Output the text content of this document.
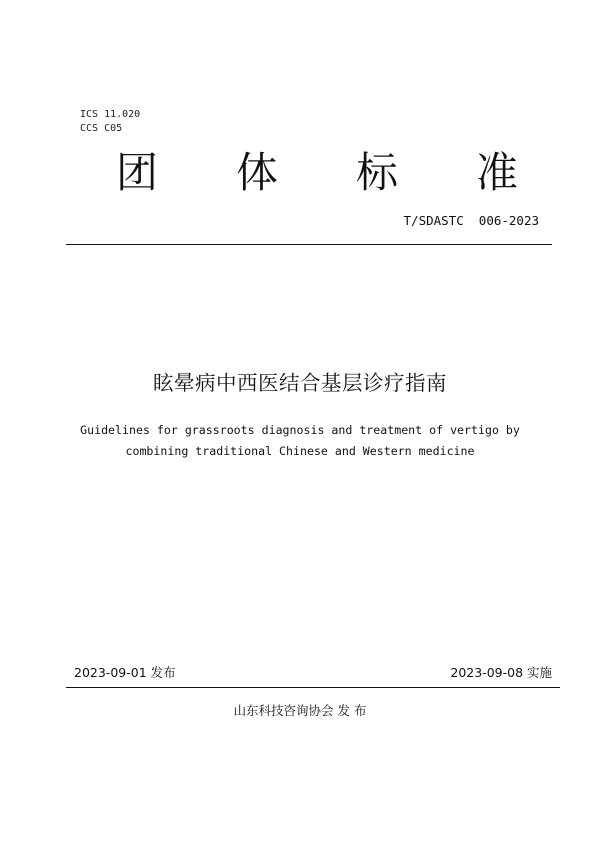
ICS 11.020
CCS C05
团 体 标 准
T/SDASTC  006-2023
眩晕病中西医结合基层诊疗指南
Guidelines for grassroots diagnosis and treatment of vertigo by
combining traditional Chinese and Western medicine
2023-09-01 发布	2023-09-08 实施
山东科技咨询协会 发 布
